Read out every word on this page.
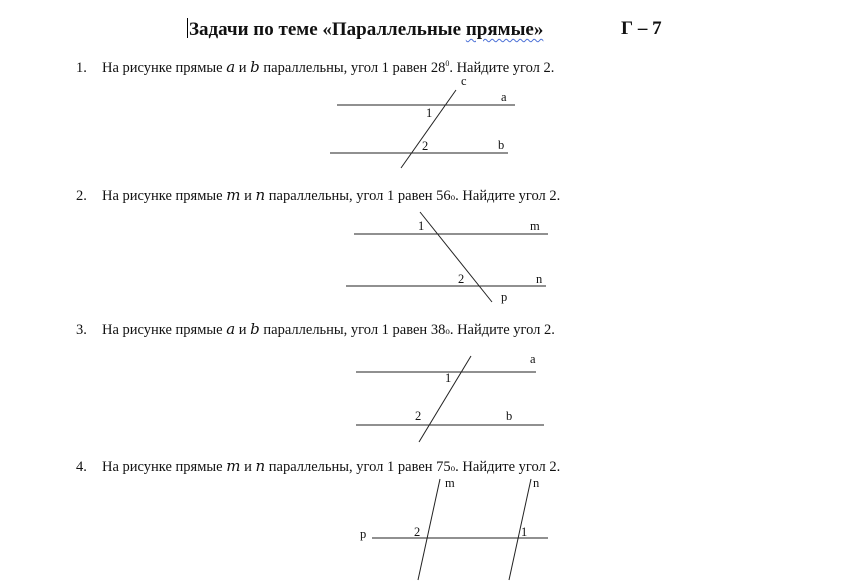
Задачи по теме «Параллельные прямые»	Г – 7
1. На рисунке прямые a и b параллельны, угол 1 равен $28^0$. Найдите угол 2.
2. На рисунке прямые m и n параллельны, угол 1 равен 56o. Найдите угол 2.
3. На рисунке прямые a и b параллельны, угол 1 равен 38o. Найдите угол 2.
4. На рисунке прямые m и n параллельны, угол 1 равен 75o. Найдите угол 2.
c
a
b
1
2
m
n
p
1
2
a
b
1
2
m	n
p	2	1
